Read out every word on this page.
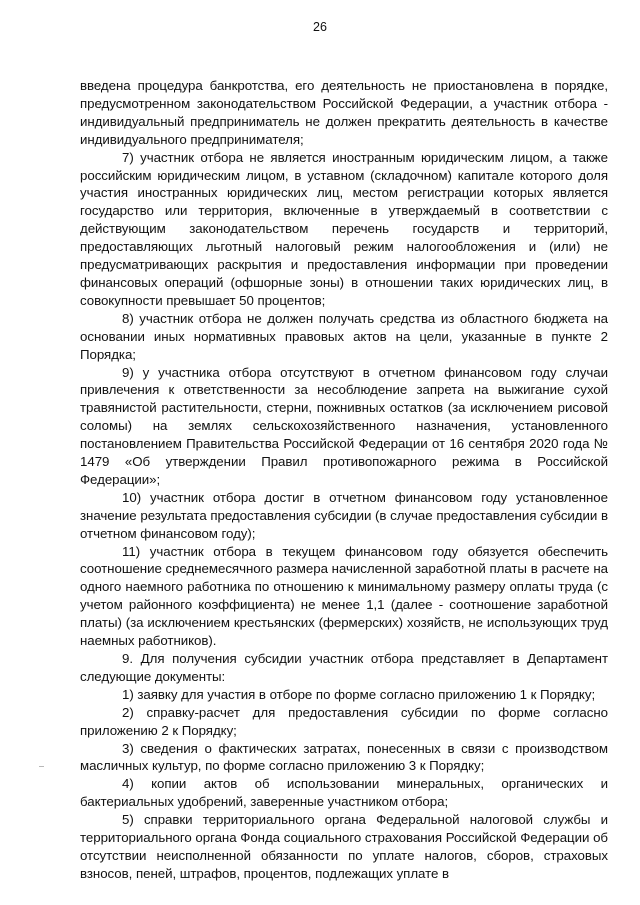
26

введена процедура банкротства, его деятельность не приостановлена в порядке, предусмотренном законодательством Российской Федерации, а участник отбора - индивидуальный предприниматель не должен прекратить деятельность в качестве индивидуального предпринимателя;

7) участник отбора не является иностранным юридическим лицом, а также российским юридическим лицом, в уставном (складочном) капитале которого доля участия иностранных юридических лиц, местом регистрации которых является государство или территория, включенные в утверждаемый в соответствии с действующим законодательством перечень государств и территорий, предоставляющих льготный налоговый режим налогообложения и (или) не предусматривающих раскрытия и предоставления информации при проведении финансовых операций (офшорные зоны) в отношении таких юридических лиц, в совокупности превышает 50 процентов;

8) участник отбора не должен получать средства из областного бюджета на основании иных нормативных правовых актов на цели, указанные в пункте 2 Порядка;

9) у участника отбора отсутствуют в отчетном финансовом году случаи привлечения к ответственности за несоблюдение запрета на выжигание сухой травянистой растительности, стерни, пожнивных остатков (за исключением рисовой соломы) на землях сельскохозяйственного назначения, установленного постановлением Правительства Российской Федерации от 16 сентября 2020 года № 1479 «Об утверждении Правил противопожарного режима в Российской Федерации»;

10) участник отбора достиг в отчетном финансовом году установленное значение результата предоставления субсидии (в случае предоставления субсидии в отчетном финансовом году);

11) участник отбора в текущем финансовом году обязуется обеспечить соотношение среднемесячного размера начисленной заработной платы в расчете на одного наемного работника по отношению к минимальному размеру оплаты труда (с учетом районного коэффициента) не менее 1,1 (далее - соотношение заработной платы) (за исключением крестьянских (фермерских) хозяйств, не использующих труд наемных работников).

9. Для получения субсидии участник отбора представляет в Департамент следующие документы:

1) заявку для участия в отборе по форме согласно приложению 1 к Порядку;

2) справку-расчет для предоставления субсидии по форме согласно приложению 2 к Порядку;

3) сведения о фактических затратах, понесенных в связи с производством масличных культур, по форме согласно приложению 3 к Порядку;

4) копии актов об использовании минеральных, органических и бактериальных удобрений, заверенные участником отбора;

5) справки территориального органа Федеральной налоговой службы и территориального органа Фонда социального страхования Российской Федерации об отсутствии неисполненной обязанности по уплате налогов, сборов, страховых взносов, пеней, штрафов, процентов, подлежащих уплате в
